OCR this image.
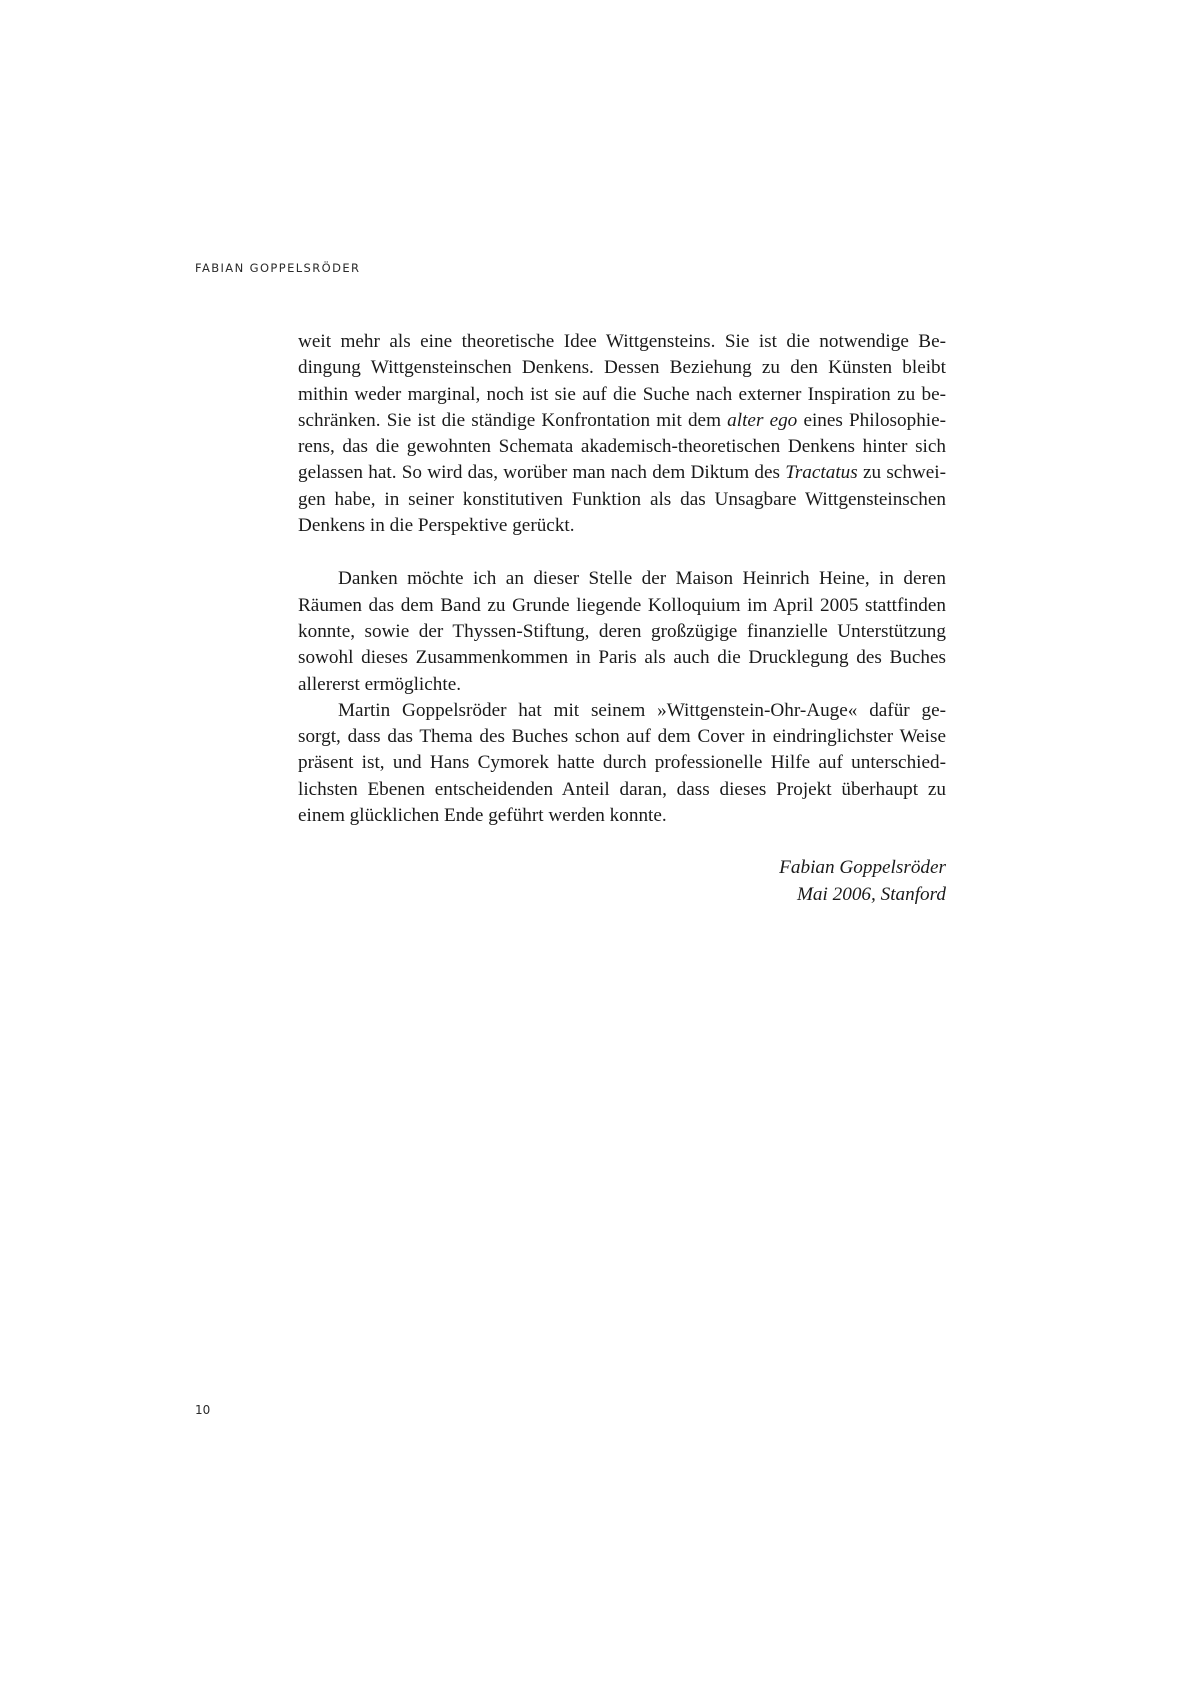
FABIAN GOPPELSRÖDER
weit mehr als eine theoretische Idee Wittgensteins. Sie ist die notwendige Be-
dingung Wittgensteinschen Denkens. Dessen Beziehung zu den Künsten bleibt
mithin weder marginal, noch ist sie auf die Suche nach externer Inspiration zu be-
schränken. Sie ist die ständige Konfrontation mit dem alter ego eines Philosophie-
rens, das die gewohnten Schemata akademisch-theoretischen Denkens hinter sich
gelassen hat. So wird das, worüber man nach dem Diktum des Tractatus zu schwei-
gen habe, in seiner konstitutiven Funktion als das Unsagbare Wittgensteinschen
Denkens in die Perspektive gerückt.
Danken möchte ich an dieser Stelle der Maison Heinrich Heine, in deren
Räumen das dem Band zu Grunde liegende Kolloquium im April 2005 stattfinden
konnte, sowie der Thyssen-Stiftung, deren großzügige finanzielle Unterstützung
sowohl dieses Zusammenkommen in Paris als auch die Drucklegung des Buches
allererst ermöglichte.
Martin Goppelsröder hat mit seinem »Wittgenstein-Ohr-Auge« dafür ge-
sorgt, dass das Thema des Buches schon auf dem Cover in eindringlichster Weise
präsent ist, und Hans Cymorek hatte durch professionelle Hilfe auf unterschied-
lichsten Ebenen entscheidenden Anteil daran, dass dieses Projekt überhaupt zu
einem glücklichen Ende geführt werden konnte.
Fabian Goppelsröder
Mai 2006, Stanford
10
